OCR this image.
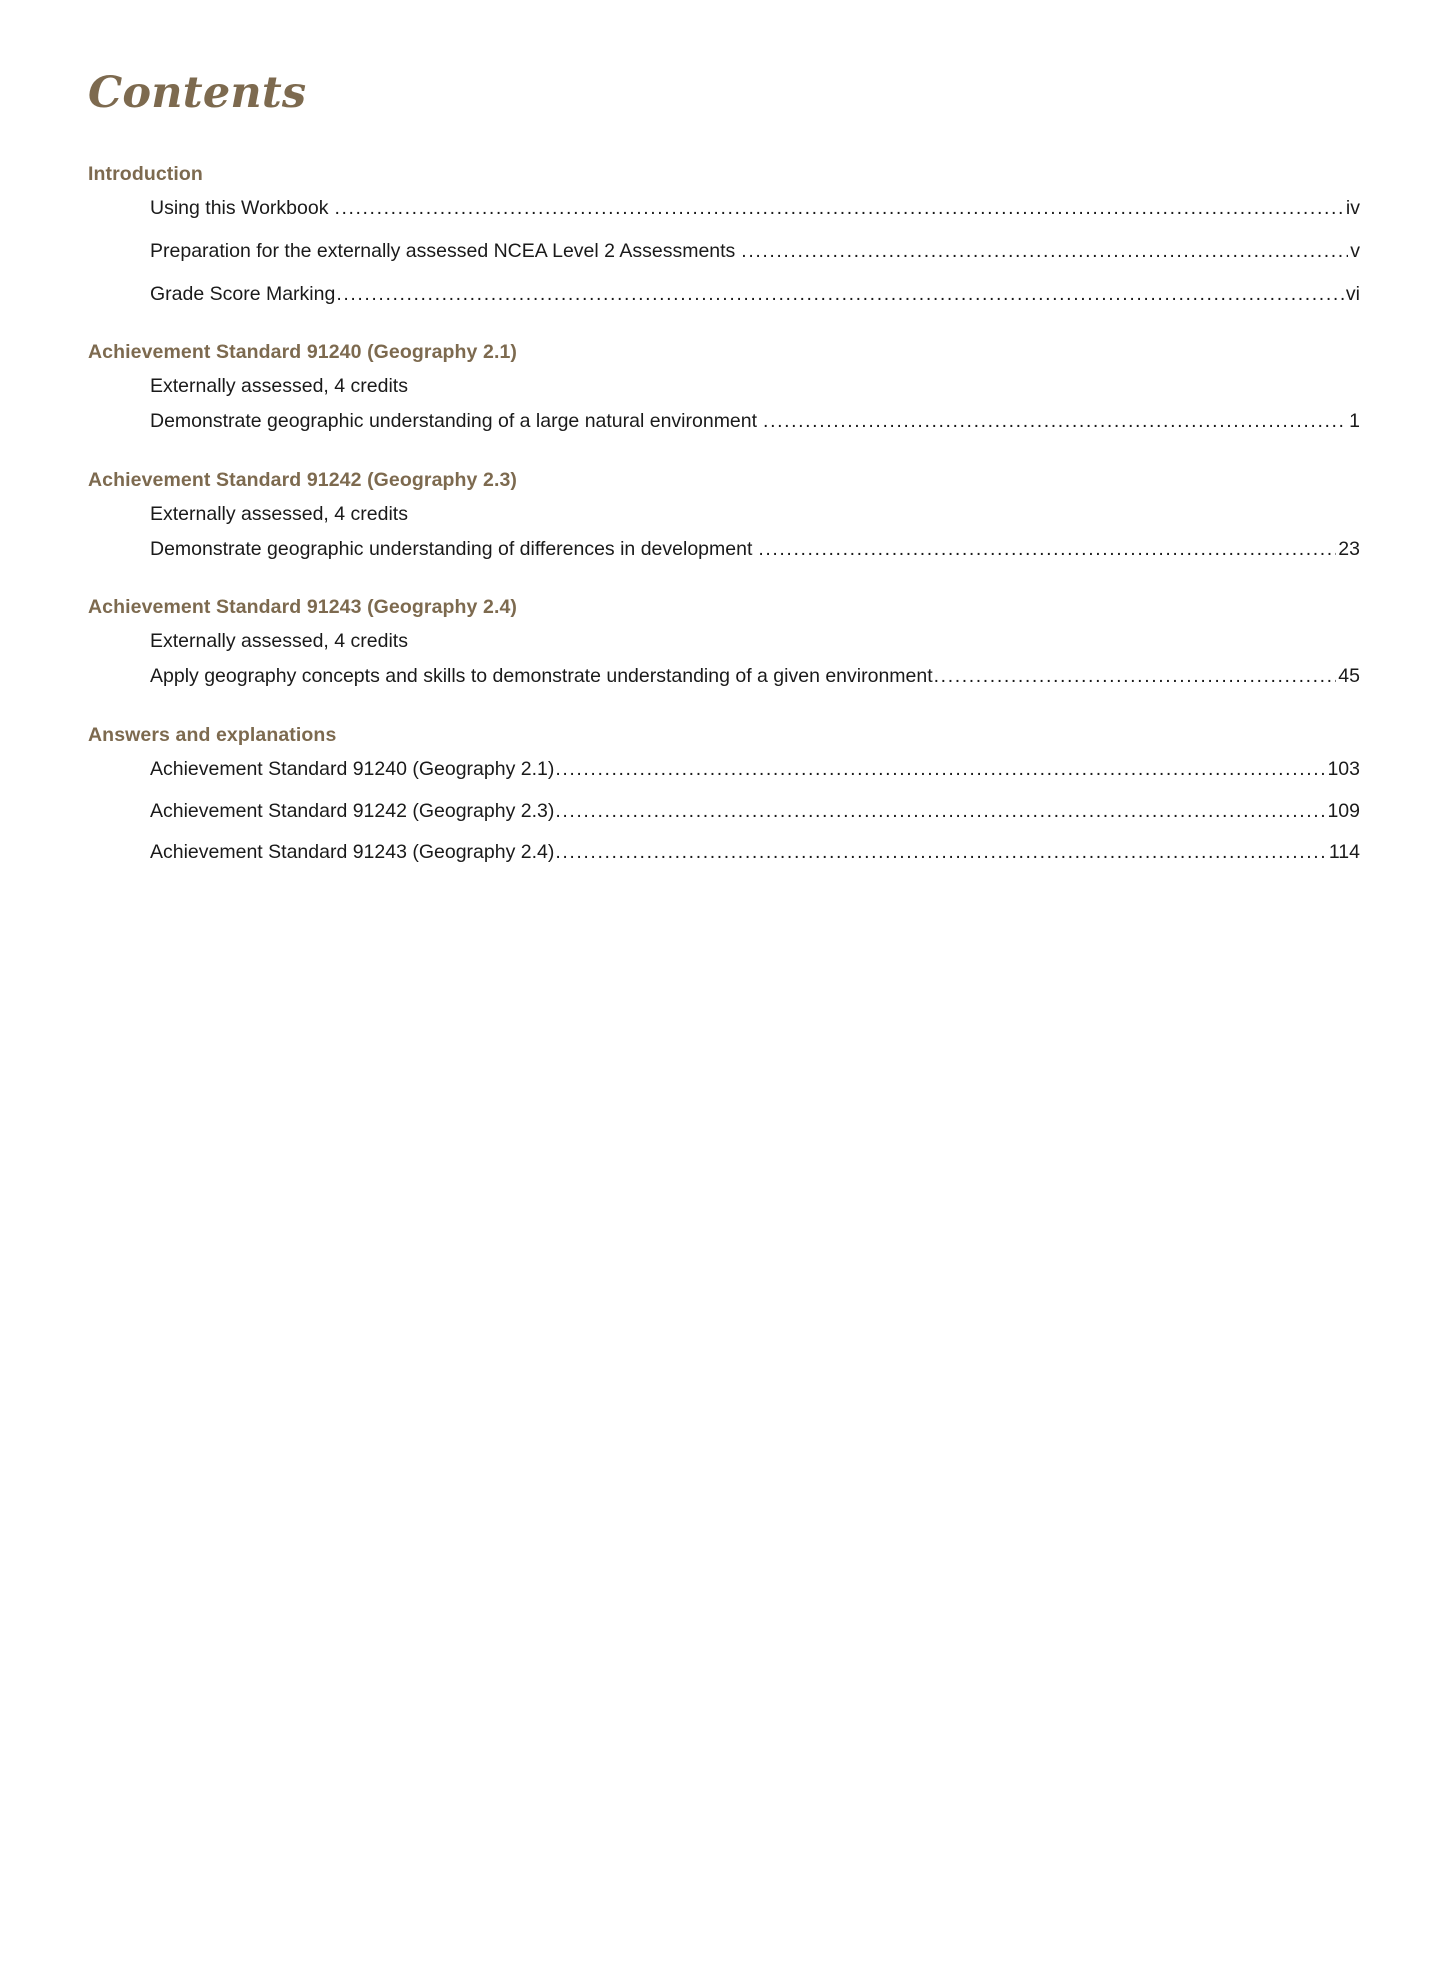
Contents
Introduction
Using this Workbook .....	iv
Preparation for the externally assessed NCEA Level 2 Assessments .....	v
Grade Score Marking .....	vi
Achievement Standard 91240 (Geography 2.1)
Externally assessed, 4 credits
Demonstrate geographic understanding of a large natural environment .....	1
Achievement Standard 91242 (Geography 2.3)
Externally assessed, 4 credits
Demonstrate geographic understanding of differences in development .....	23
Achievement Standard 91243 (Geography 2.4)
Externally assessed, 4 credits
Apply geography concepts and skills to demonstrate understanding of a given environment .....	45
Answers and explanations
Achievement Standard 91240 (Geography 2.1) .....	103
Achievement Standard 91242 (Geography 2.3) .....	109
Achievement Standard 91243 (Geography 2.4) .....	114
